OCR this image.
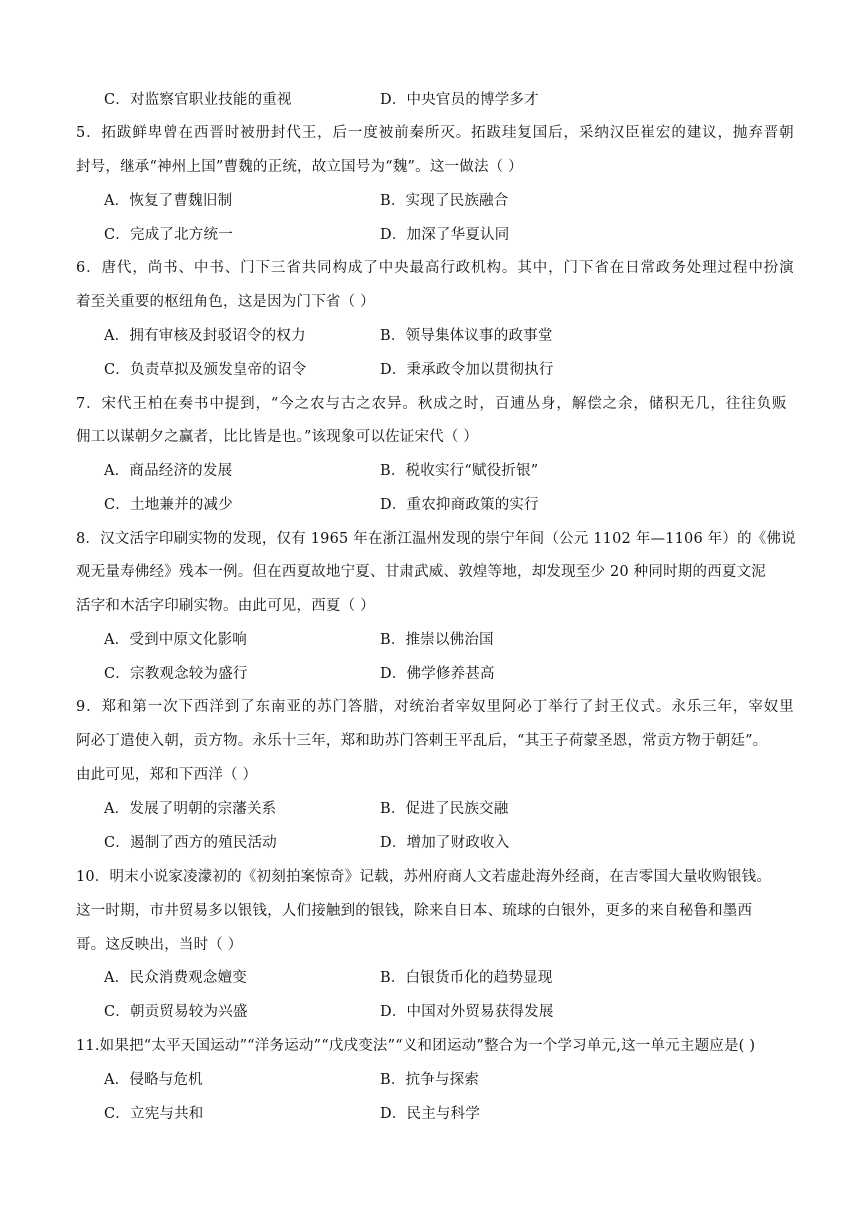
C．对监察官职业技能的重视	D．中央官员的博学多才
5．拓跋鲜卑曾在西晋时被册封代王，后一度被前秦所灭。拓跋珪复国后，采纳汉臣崔宏的建议，抛弃晋朝
封号，继承“神州上国”曹魏的正统，故立国号为“魏”。这一做法（ ）
A．恢复了曹魏旧制	B．实现了民族融合
C．完成了北方统一	D．加深了华夏认同
6．唐代，尚书、中书、门下三省共同构成了中央最高行政机构。其中，门下省在日常政务处理过程中扮演
着至关重要的枢纽角色，这是因为门下省（ ）
A．拥有审核及封驳诏令的权力	B．领导集体议事的政事堂
C．负责草拟及颁发皇帝的诏令	D．秉承政令加以贯彻执行
7．宋代王柏在奏书中提到，“今之农与古之农异。秋成之时，百逋丛身，解偿之余，储积无几，往往负贩
佣工以谋朝夕之赢者，比比皆是也。”该现象可以佐证宋代（ ）
A．商品经济的发展	B．税收实行“赋役折银”
C．土地兼并的减少	D．重农抑商政策的实行
8．汉文活字印刷实物的发现，仅有 1965 年在浙江温州发现的崇宁年间（公元 1102 年—1106 年）的《佛说
观无量寿佛经》残本一例。但在西夏故地宁夏、甘肃武威、敦煌等地，却发现至少 20 种同时期的西夏文泥
活字和木活字印刷实物。由此可见，西夏（ ）
A．受到中原文化影响	B．推崇以佛治国
C．宗教观念较为盛行	D．佛学修养甚高
9．郑和第一次下西洋到了东南亚的苏门答腊，对统治者宰奴里阿必丁举行了封王仪式。永乐三年，宰奴里
阿必丁遣使入朝，贡方物。永乐十三年，郑和助苏门答剌王平乱后，“其王子荷蒙圣恩，常贡方物于朝廷”。
由此可见，郑和下西洋（ ）
A．发展了明朝的宗藩关系	B．促进了民族交融
C．遏制了西方的殖民活动	D．增加了财政收入
10．明末小说家凌濛初的《初刻拍案惊奇》记载，苏州府商人文若虚赴海外经商，在吉零国大量收购银钱。
这一时期，市井贸易多以银钱，人们接触到的银钱，除来自日本、琉球的白银外，更多的来自秘鲁和墨西
哥。这反映出，当时（ ）
A．民众消费观念嬗变	B．白银货币化的趋势显现
C．朝贡贸易较为兴盛	D．中国对外贸易获得发展
11.如果把“太平天国运动”“洋务运动”“戊戌变法”“义和团运动”整合为一个学习单元,这一单元主题应是( )
A．侵略与危机	B．抗争与探索
C．立宪与共和	D．民主与科学
